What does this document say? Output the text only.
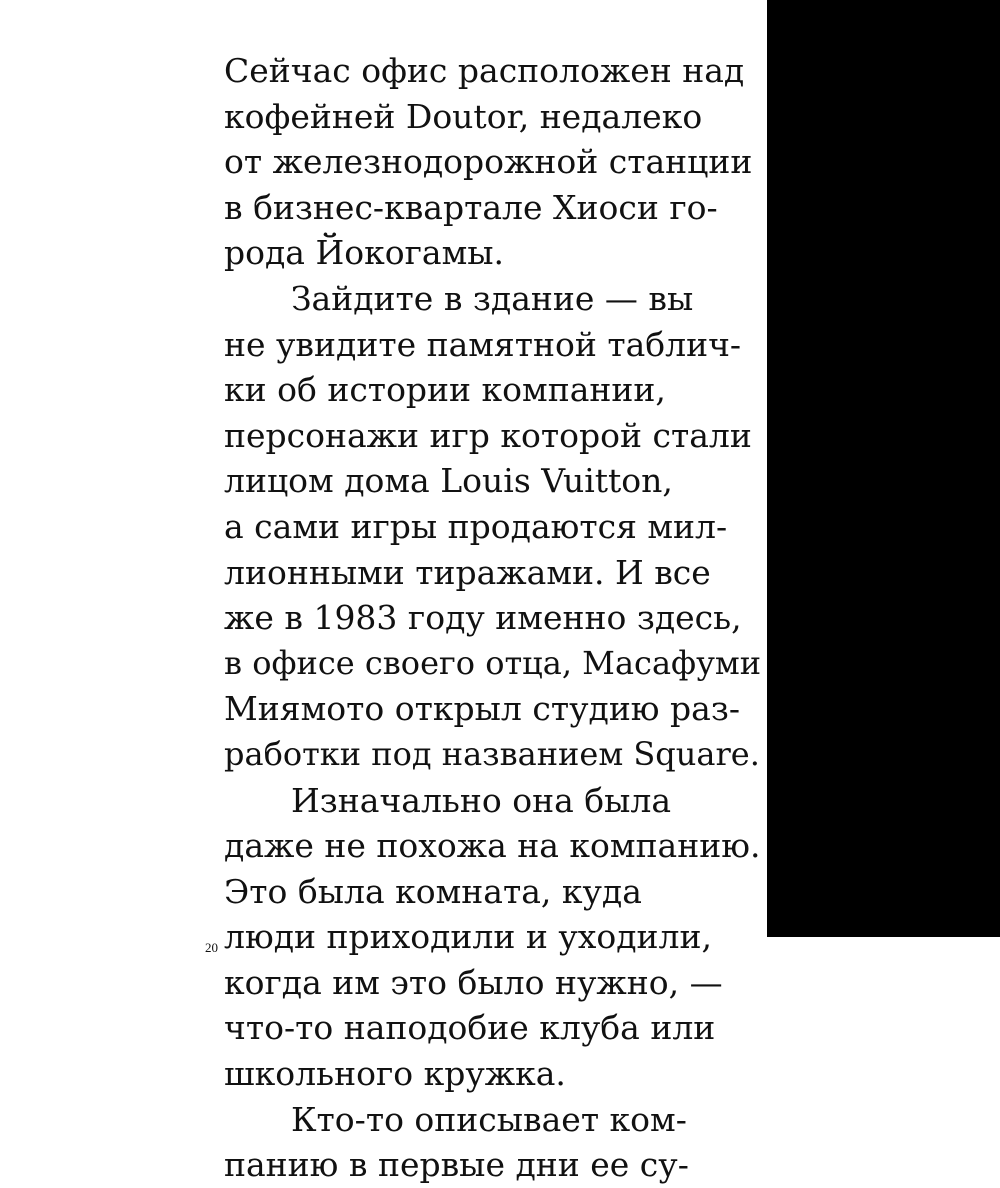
Сейчас офис расположен над
кофейней Doutor, недалеко
от железнодорожной станции
в бизнес-квартале Хиоси го-
рода Йокогамы.
Зайдите в здание — вы
не увидите памятной таблич-
ки об истории компании,
персонажи игр которой стали
лицом дома Louis Vuitton,
а сами игры продаются мил-
лионными тиражами. И все
же в 1983 году именно здесь,
в офисе своего отца, Масафуми
Миямото открыл студию раз-
работки под названием Square.
Изначально она была
даже не похожа на компанию.
Это была комната, куда
люди приходили и уходили,
когда им это было нужно, —
что-то наподобие клуба или
школьного кружка.
Кто-то описывает ком-
панию в первые дни ее су-
20
